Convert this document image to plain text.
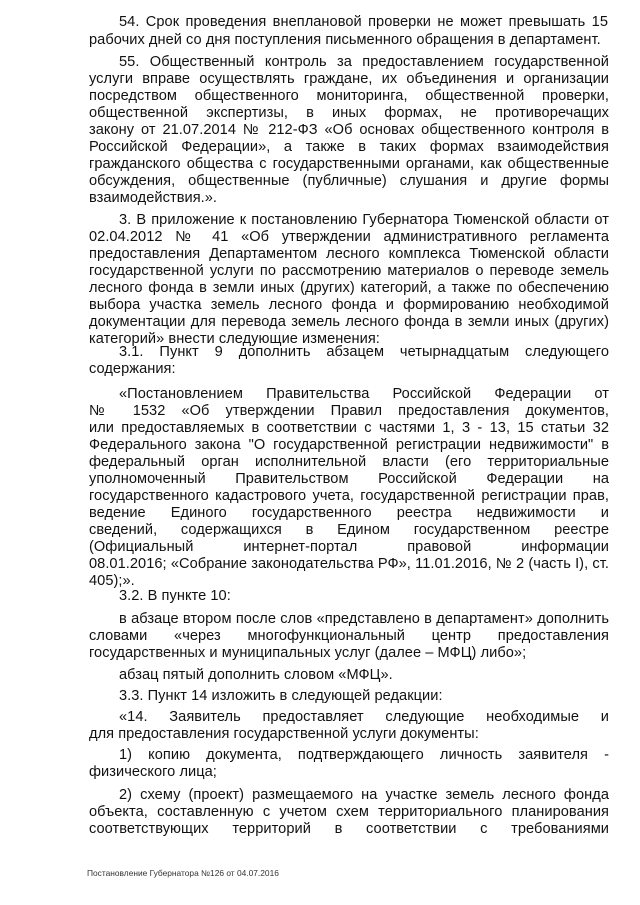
54. Срок проведения внеплановой проверки не может превышать 15
рабочих дней со дня поступления письменного обращения в департамент.
55. Общественный контроль за предоставлением государственной
услуги вправе осуществлять граждане, их объединения и организации
посредством общественного мониторинга, общественной проверки,
общественной экспертизы, в иных формах, не противоречащих
закону от 21.07.2014 № 212-ФЗ «Об основах общественного контроля в
Российской Федерации», а также в таких формах взаимодействия
гражданского общества с государственными органами, как общественные
обсуждения, общественные (публичные) слушания и другие формы
взаимодействия.».
3. В приложение к постановлению Губернатора Тюменской области от
02.04.2012 № 41 «Об утверждении административного регламента
предоставления Департаментом лесного комплекса Тюменской области
государственной услуги по рассмотрению материалов о переводе земель
лесного фонда в земли иных (других) категорий, а также по обеспечению
выбора участка земель лесного фонда и формированию необходимой
документации для перевода земель лесного фонда в земли иных (других)
категорий» внести следующие изменения:
3.1. Пункт 9 дополнить абзацем четырнадцатым следующего
содержания:
«Постановлением Правительства Российской Федерации от
№ 1532 «Об утверждении Правил предоставления документов,
или предоставляемых в соответствии с частями 1, 3 - 13, 15 статьи 32
Федерального закона "О государственной регистрации недвижимости" в
федеральный орган исполнительной власти (его территориальные
уполномоченный Правительством Российской Федерации на
государственного кадастрового учета, государственной регистрации прав,
ведение Единого государственного реестра недвижимости и
сведений, содержащихся в Едином государственном реестре
(Официальный интернет-портал правовой информации
08.01.2016; «Собрание законодательства РФ», 11.01.2016, № 2 (часть I), ст.
405);».
3.2. В пункте 10:
в абзаце втором после слов «представлено в департамент» дополнить
словами «через многофункциональный центр предоставления
государственных и муниципальных услуг (далее – МФЦ) либо»;
абзац пятый дополнить словом «МФЦ».
3.3. Пункт 14 изложить в следующей редакции:
«14. Заявитель предоставляет следующие необходимые и
для предоставления государственной услуги документы:
1) копию документа, подтверждающего личность заявителя -
физического лица;
2) схему (проект) размещаемого на участке земель лесного фонда
объекта, составленную с учетом схем территориального планирования
соответствующих территорий в соответствии с требованиями
Постановление Губернатора №126 от 04.07.2016
